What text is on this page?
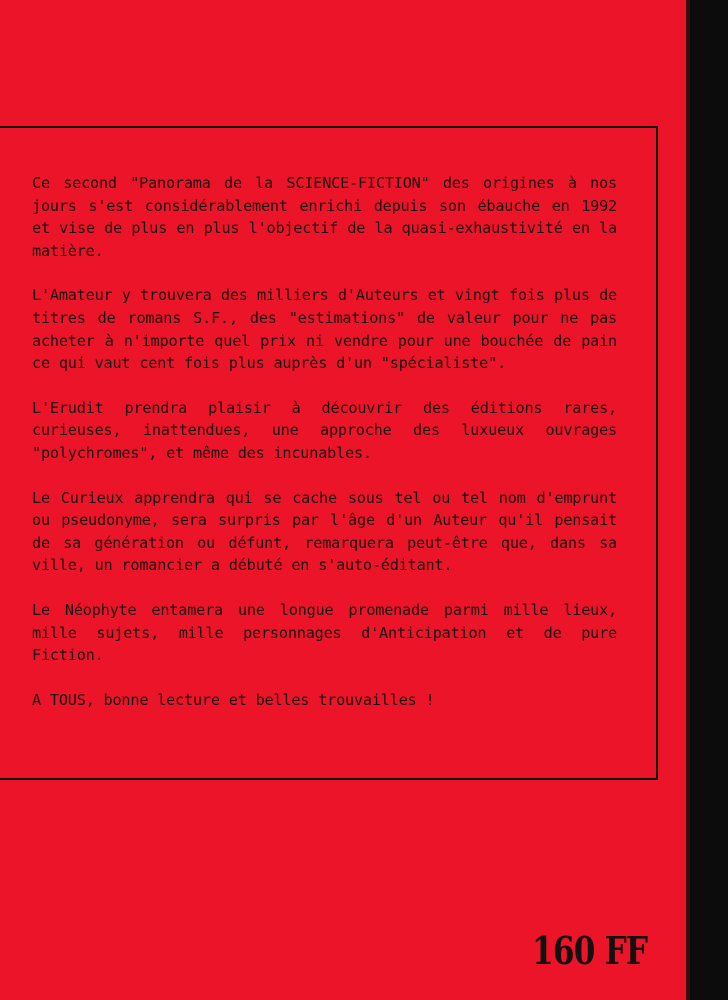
Ce second "Panorama de la SCIENCE-FICTION" des origines à nos jours s'est considérablement enrichi depuis son ébauche en 1992 et vise de plus en plus l'objectif de la quasi-exhaustivité en la matière.

L'Amateur y trouvera des milliers d'Auteurs et vingt fois plus de titres de romans S.F., des "estimations" de valeur pour ne pas acheter à n'importe quel prix ni vendre pour une bouchée de pain ce qui vaut cent fois plus auprès d'un "spécialiste".

L'Erudit prendra plaisir à découvrir des éditions rares, curieuses, inattendues, une approche des luxueux ouvrages "polychromes", et même des incunables.

Le Curieux apprendra qui se cache sous tel ou tel nom d'emprunt ou pseudonyme, sera surpris par l'âge d'un Auteur qu'il pensait de sa génération ou défunt, remarquera peut-être que, dans sa ville, un romancier a débuté en s'auto-éditant.

Le Néophyte entamera une longue promenade parmi mille lieux, mille sujets, mille personnages d'Anticipation et de pure Fiction.

A TOUS, bonne lecture et belles trouvailles !

160 FF
